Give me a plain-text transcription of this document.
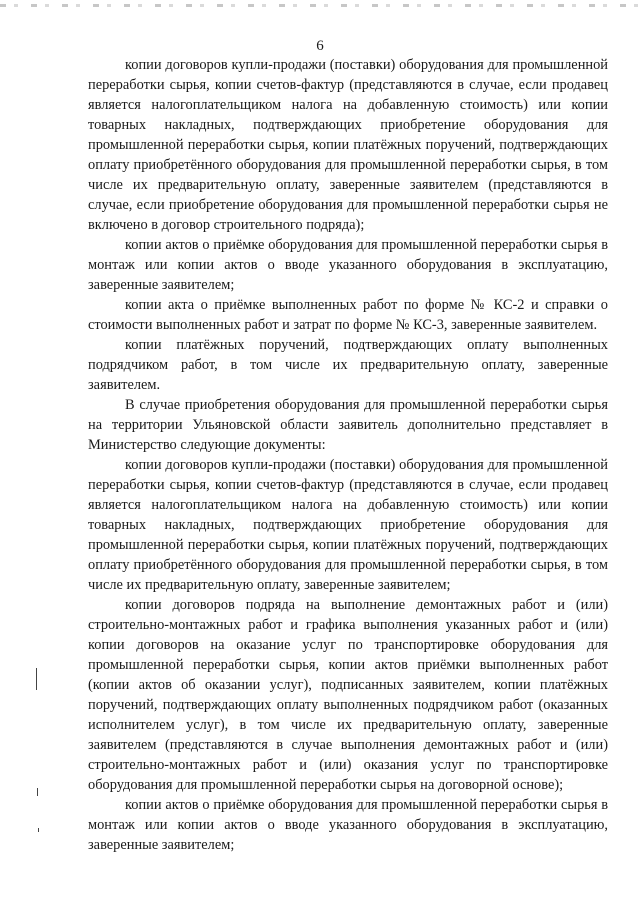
6

копии договоров купли-продажи (поставки) оборудования для промышленной переработки сырья, копии счетов-фактур (представляются в случае, если продавец является налогоплательщиком налога на добавленную стоимость) или копии товарных накладных, подтверждающих приобретение оборудования для промышленной переработки сырья, копии платёжных поручений, подтверждающих оплату приобретённого оборудования для промышленной переработки сырья, в том числе их предварительную оплату, заверенные заявителем (представляются в случае, если приобретение оборудования для промышленной переработки сырья не включено в договор строительного подряда);

копии актов о приёмке оборудования для промышленной переработки сырья в монтаж или копии актов о вводе указанного оборудования в эксплуатацию, заверенные заявителем;

копии акта о приёмке выполненных работ по форме № КС-2 и справки о стоимости выполненных работ и затрат по форме № КС-3, заверенные заявителем.

копии платёжных поручений, подтверждающих оплату выполненных подрядчиком работ, в том числе их предварительную оплату, заверенные заявителем.

В случае приобретения оборудования для промышленной переработки сырья на территории Ульяновской области заявитель дополнительно представляет в Министерство следующие документы:

копии договоров купли-продажи (поставки) оборудования для промышленной переработки сырья, копии счетов-фактур (представляются в случае, если продавец является налогоплательщиком налога на добавленную стоимость) или копии товарных накладных, подтверждающих приобретение оборудования для промышленной переработки сырья, копии платёжных поручений, подтверждающих оплату приобретённого оборудования для промышленной переработки сырья, в том числе их предварительную оплату, заверенные заявителем;

копии договоров подряда на выполнение демонтажных работ и (или) строительно-монтажных работ и графика выполнения указанных работ и (или) копии договоров на оказание услуг по транспортировке оборудования для промышленной переработки сырья, копии актов приёмки выполненных работ (копии актов об оказании услуг), подписанных заявителем, копии платёжных поручений, подтверждающих оплату выполненных подрядчиком работ (оказанных исполнителем услуг), в том числе их предварительную оплату, заверенные заявителем (представляются в случае выполнения демонтажных работ и (или) строительно-монтажных работ и (или) оказания услуг по транспортировке оборудования для промышленной переработки сырья на договорной основе);

копии актов о приёмке оборудования для промышленной переработки сырья в монтаж или копии актов о вводе указанного оборудования в эксплуатацию, заверенные заявителем;
